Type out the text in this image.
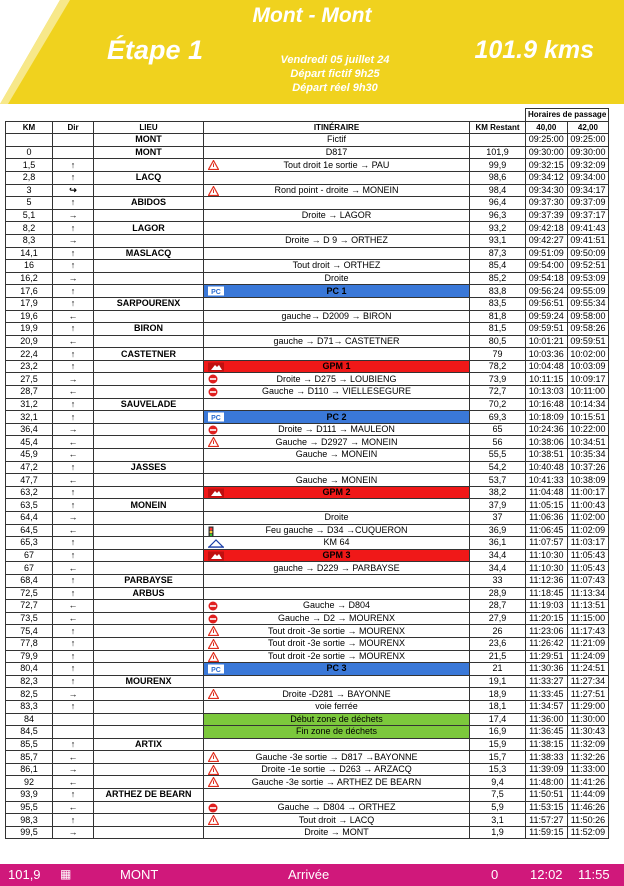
Mont - Mont
Étape 1	101.9 kms
Vendredi 05 juillet 24
Départ fictif 9h25
Départ réel 9h30
					Horaires de passage	
KM	Dir	LIEU	ITINÉRAIRE	KM Restant	40,00	42,00
		MONT	Fictif		09:25:00	09:25:00
0		MONT	D817	101,9	09:30:00	09:30:00
1,5	↑		Tout droit 1e sortie → PAU	99,9	09:32:15	09:32:09
2,8	↑	LACQ		98,6	09:34:12	09:34:00
3	↪		Rond point - droite → MONEIN	98,4	09:34:30	09:34:17
5	↑	ABIDOS		96,4	09:37:30	09:37:09
5,1	→		Droite → LAGOR	96,3	09:37:39	09:37:17
8,2	↑	LAGOR		93,2	09:42:18	09:41:43
8,3	→		Droite → D 9 → ORTHEZ	93,1	09:42:27	09:41:51
14,1	↑	MASLACQ		87,3	09:51:09	09:50:09
16	↑		Tout droit → ORTHEZ	85,4	09:54:00	09:52:51
16,2	→		Droite	85,2	09:54:18	09:53:09
17,6	↑		PC PC 1	83,8	09:56:24	09:55:09
17,9	↑	SARPOURENX		83,5	09:56:51	09:55:34
19,6	←		gauche→ D2009 → BIRON	81,8	09:59:24	09:58:00
19,9	↑	BIRON		81,5	09:59:51	09:58:26
20,9	←		gauche → D71→ CASTETNER	80,5	10:01:21	09:59:51
22,4	↑	CASTETNER		79	10:03:36	10:02:00
23,2	↑		GPM 1	78,2	10:04:48	10:03:09
27,5	→		Droite → D275 → LOUBIENG	73,9	10:11:15	10:09:17
28,7	←		Gauche → D110 → VIELLESEGURE	72,7	10:13:03	10:11:00
31,2	↑	SAUVELADE		70,2	10:16:48	10:14:34
32,1	↑		PC PC 2	69,3	10:18:09	10:15:51
36,4	→		Droite → D111 → MAULEON	65	10:24:36	10:22:00
45,4	←		Gauche → D2927 → MONEIN	56	10:38:06	10:34:51
45,9	←		Gauche → MONEIN	55,5	10:38:51	10:35:34
47,2	↑	JASSES		54,2	10:40:48	10:37:26
47,7	←		Gauche → MONEIN	53,7	10:41:33	10:38:09
63,2	↑		GPM 2	38,2	11:04:48	11:00:17
63,5	↑	MONEIN		37,9	11:05:15	11:00:43
64,4	→		Droite	37	11:06:36	11:02:00
64,5	←		Feu gauche → D34 →CUQUERON	36,9	11:06:45	11:02:09
65,3	↑		KM 64	36,1	11:07:57	11:03:17
67	↑		GPM 3	34,4	11:10:30	11:05:43
67	←		gauche → D229 → PARBAYSE	34,4	11:10:30	11:05:43
68,4	↑	PARBAYSE		33	11:12:36	11:07:43
72,5	↑	ARBUS		28,9	11:18:45	11:13:34
72,7	←		Gauche → D804	28,7	11:19:03	11:13:51
73,5	←		Gauche → D2 → MOURENX	27,9	11:20:15	11:15:00
75,4	↑		Tout droit -3e sortie → MOURENX	26	11:23:06	11:17:43
77,8	↑		Tout droit -3e sortie → MOURENX	23,6	11:26:42	11:21:09
79,9	↑		Tout droit -2e sortie → MOURENX	21,5	11:29:51	11:24:09
80,4	↑		PC PC 3	21	11:30:36	11:24:51
82,3	↑	MOURENX		19,1	11:33:27	11:27:34
82,5	→		Droite -D281 → BAYONNE	18,9	11:33:45	11:27:51
83,3	↑		voie ferrée	18,1	11:34:57	11:29:00
84			Début zone de déchets	17,4	11:36:00	11:30:00
84,5			Fin zone de déchets	16,9	11:36:45	11:30:43
85,5	↑	ARTIX		15,9	11:38:15	11:32:09
85,7	←		Gauche -3e sortie → D817 →BAYONNE	15,7	11:38:33	11:32:26
86,1	→		Droite -1e sortie → D263 → ARZACQ	15,3	11:39:09	11:33:00
92	←		Gauche -3e sortie → ARTHEZ DE BEARN	9,4	11:48:00	11:41:26
93,9	↑	ARTHEZ DE BEARN		7,5	11:50:51	11:44:09
95,5	←		Gauche → D804 → ORTHEZ	5,9	11:53:15	11:46:26
98,3	↑		Tout droit → LACQ	3,1	11:57:27	11:50:26
99,5	→		Droite → MONT	1,9	11:59:15	11:52:09
101,9 ▦	MONT	Arrivée	0 12:02 11:55
